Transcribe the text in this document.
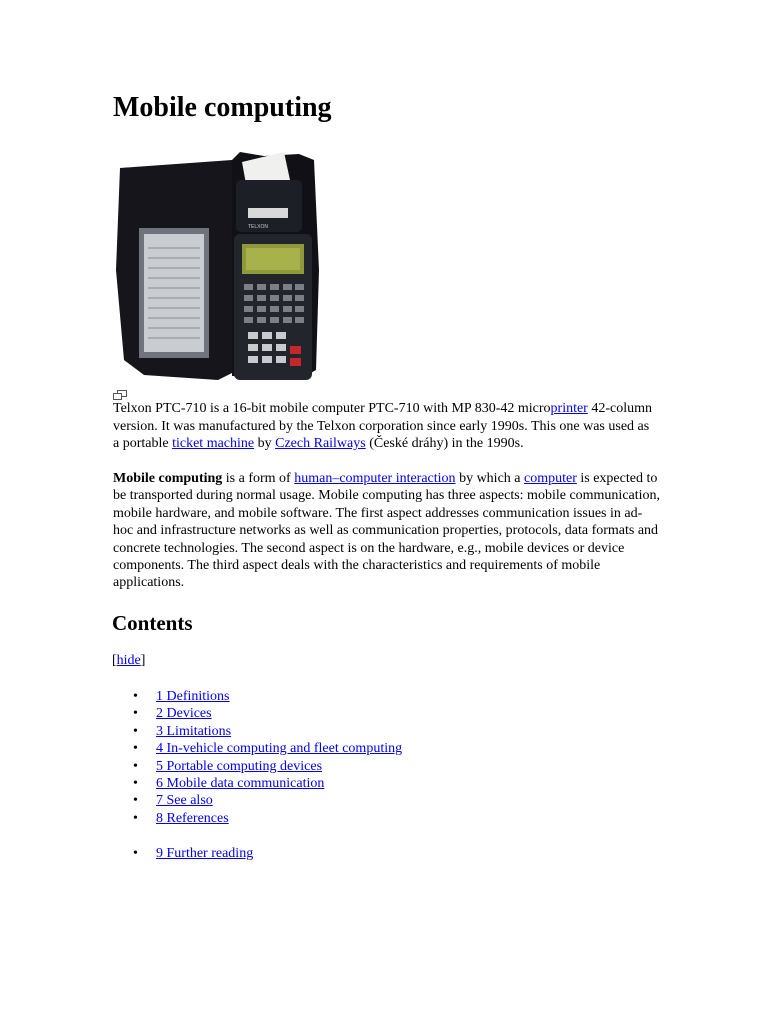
Mobile computing
TELXON

Telxon PTC-710 is a 16-bit mobile computer PTC-710 with MP 830-42 microprinter 42-column version. It was manufactured by the Telxon corporation since early 1990s. This one was used as a portable ticket machine by Czech Railways (České dráhy) in the 1990s.

Mobile computing is a form of human–computer interaction by which a computer is expected to be transported during normal usage. Mobile computing has three aspects: mobile communication, mobile hardware, and mobile software. The first aspect addresses communication issues in ad-hoc and infrastructure networks as well as communication properties, protocols, data formats and concrete technologies. The second aspect is on the hardware, e.g., mobile devices or device components. The third aspect deals with the characteristics and requirements of mobile applications.

Contents
[hide]
• 1 Definitions
• 2 Devices
• 3 Limitations
• 4 In-vehicle computing and fleet computing
• 5 Portable computing devices
• 6 Mobile data communication
• 7 See also
• 8 References
• 9 Further reading
